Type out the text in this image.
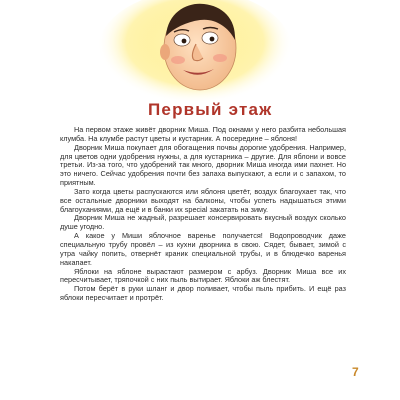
Первый этаж

На первом этаже живёт дворник Миша. Под окнами у него разбита небольшая клумба. На клумбе растут цветы и кустарник. А посередине – яблоня!

Дворник Миша покупает для обогащения почвы дорогие удобрения. Например, для цветов одни удобрения нужны, а для кустарника – другие. Для яблони и вовсе третьи. Из-за того, что удобрений так много, дворник Миша иногда ими пахнет. Но это ничего. Сейчас удобрения почти без запаха выпускают, а если и с запахом, то приятным.

Зато когда цветы распускаются или яблоня цветёт, воздух благоухает так, что все остальные дворники выходят на балконы, чтобы успеть надышаться этими благоуханиями, да ещё и в банки их special закатать на зиму.

Дворник Миша не жадный, разрешает консервировать вкусный воздух сколько душе угодно.

А какое у Миши яблочное варенье получается! Водопроводчик даже специальную трубу провёл – из кухни дворника в свою. Сядет, бывает, зимой с утра чайку попить, отвернёт краник специальной трубы, и в блюдечко варенья накапает.

Яблоки на яблоне вырастают размером с арбуз. Дворник Миша все их пересчитывает, тряпочкой с них пыль вытирает. Яблоки аж блестят.

Потом берёт в руки шланг и двор поливает, чтобы пыль прибить. И ещё раз яблоки пересчитает и протрёт.

7
